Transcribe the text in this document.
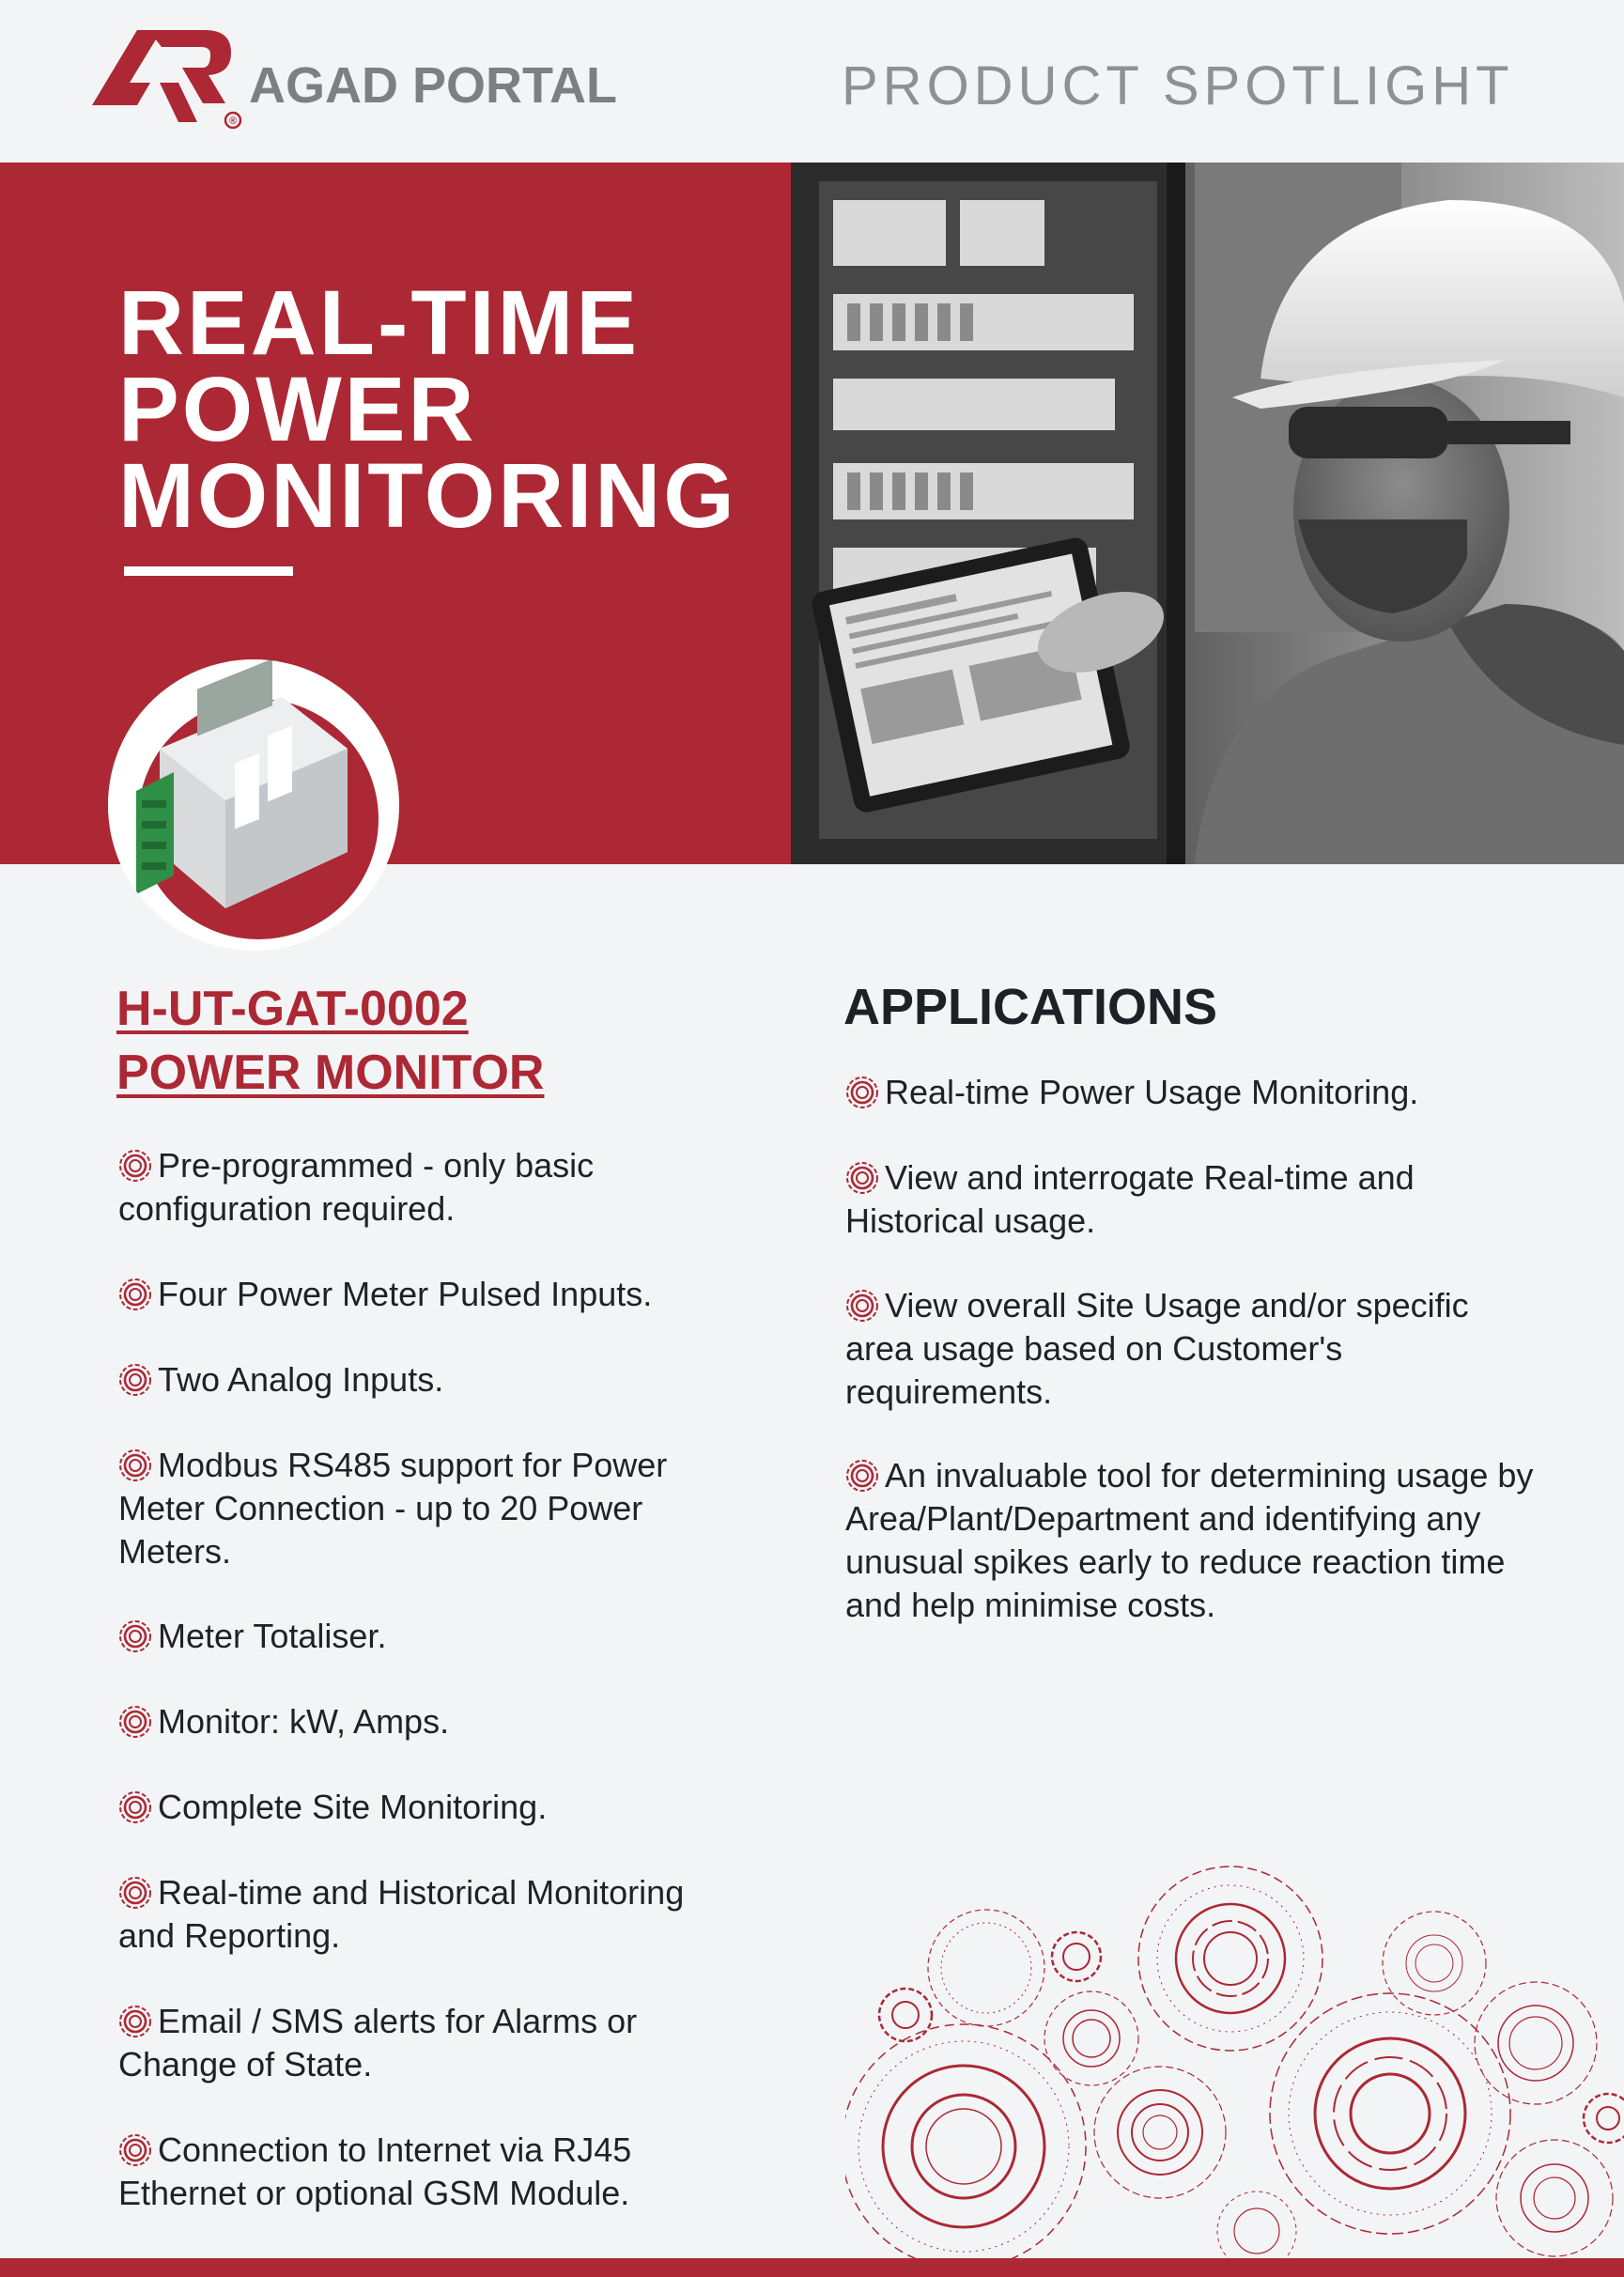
®
AGAD PORTAL	PRODUCT SPOTLIGHT
REAL-TIME
POWER
MONITORING
H-UT-GAT-0002
POWER MONITOR

Pre-programmed - only basic configuration required.

Four Power Meter Pulsed Inputs.

Two Analog Inputs.

Modbus RS485 support for Power Meter Connection - up to 20 Power Meters.

Meter Totaliser.

Monitor: kW, Amps.

Complete Site Monitoring.

Real-time and Historical Monitoring and Reporting.

Email / SMS alerts for Alarms or Change of State.

Connection to Internet via RJ45 Ethernet or optional GSM Module.

APPLICATIONS

Real-time Power Usage Monitoring.

View and interrogate Real-time and Historical usage.

View overall Site Usage and/or specific area usage based on Customer's requirements.

An invaluable tool for determining usage by Area/Plant/Department and identifying any unusual spikes early to reduce reaction time and help minimise costs.
